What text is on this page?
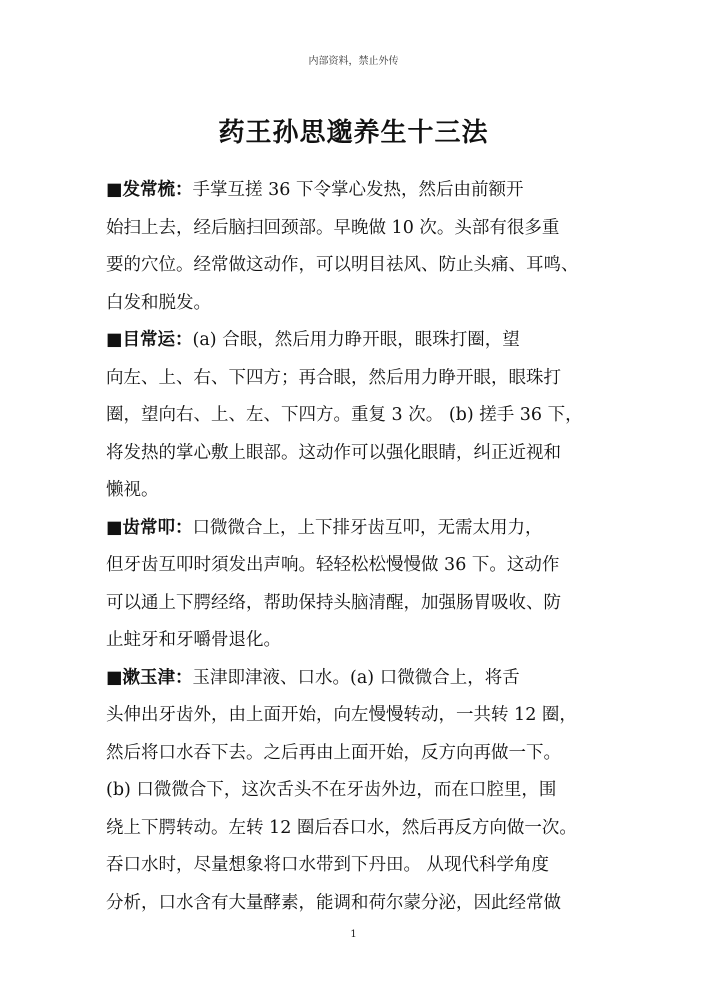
内部资料，禁止外传
药王孙思邈养生十三法
■发常梳：手掌互搓 36 下令掌心发热，然后由前额开
始扫上去，经后脑扫回颈部。早晚做 10 次。头部有很多重
要的穴位。经常做这动作，可以明目祛风、防止头痛、耳鸣、
白发和脱发。
■目常运：(a) 合眼，然后用力睁开眼，眼珠打圈，望
向左、上、右、下四方；再合眼，然后用力睁开眼，眼珠打
圈，望向右、上、左、下四方。重复 3 次。 (b) 搓手 36 下，
将发热的掌心敷上眼部。这动作可以强化眼睛，纠正近视和
懒视。
■齿常叩：口微微合上，上下排牙齿互叩，无需太用力，
但牙齿互叩时須发出声响。轻轻松松慢慢做 36 下。这动作
可以通上下腭经络，帮助保持头脑清醒，加强肠胃吸收、防
止蛀牙和牙嚼骨退化。
■漱玉津：玉津即津液、口水。(a) 口微微合上，将舌
头伸出牙齿外，由上面开始，向左慢慢转动，一共转 12 圈，
然后将口水吞下去。之后再由上面开始，反方向再做一下。
(b) 口微微合下，这次舌头不在牙齿外边，而在口腔里，围
绕上下腭转动。左转 12 圈后吞口水，然后再反方向做一次。
吞口水时，尽量想象将口水带到下丹田。 从现代科学角度
分析，口水含有大量酵素，能调和荷尔蒙分泌，因此经常做
1
